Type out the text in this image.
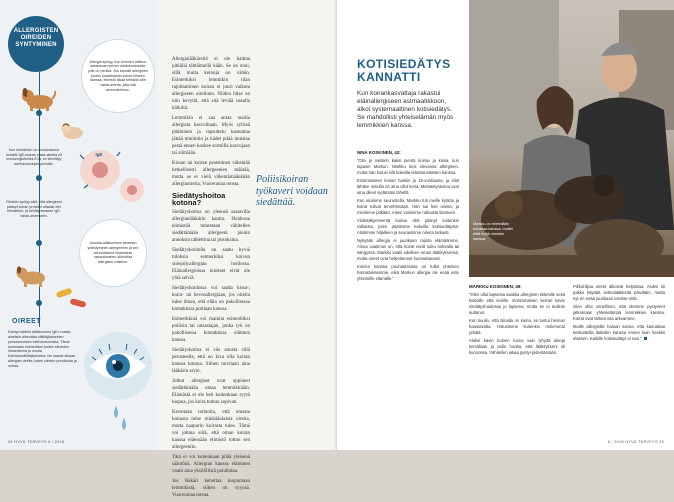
ALLERGISTEN OIREIDEN SYNTYMINEN
Allergia syntyy, kun ihminen altistuu useamman kerran vieläsenoineelle, jolle on herkkä. Jos kanolle allerginen joutuu kosketuksiin koiran hilseen kanssa, elimistö alkaa tehtailla sille vasta-aineita, joita sitä vereenkiertoon.
Kun elimistöön on muodostunut koiralle IgE-luokan vasta-aineita eli immunoglobuliini-E:tä, se kiinnittyy tulehdussolujen pinnalle.
IgE
Reaktio syntyy sillä, että allergeeni pääsyt koiran proteiini altaalle elin elimistöön, ja kehittyneeseen IgE-vasta-aineeseen.
Uusinta-altistumisen aineiden yhdistyminen allergeeniin ja sen seurauksena histamiinin vapautuminen aiheuttaa allergisen reaktion.
OIREET
Koiraproteiinin altistuminen IgE:n vasta-aineisiin aiheuttaa välittäjäaineiden purkautumisen tulehdussoluista. Tämä tunnetaan esimerkiksi tuntee elimistön histamiinina ja muuta tulehdusvälittäjäaineina. Ne saavat aikaan allergian oireita, kuten silmien punoitusta ja nuhaa.
34 HYVÄ TERVEYS 6 / 2018

Allergialääkäreitä ei ole haittaa pitkällä tähtäimellä kään. Se on onni, sillä muita keinoja on vähän. Esimerkiksi lemmikin tilan rajoittaminen koiran ei juuri vaikuta allergiseen oireiluun. Niiden hilse on niin kevyttä, että sitä leviää usealla kätkiltä.

Lemmikin ei saa antaa nuolla allergista kasvoiltaan. Myös sylissä pitäminen ja rapsuttelu kannattaa jättää minimiin ja kädet pitää muistaa pestä ennen koskee sormilla kasvojaan tai silmiään.

Kissan tai koiran peseminen vähentää hetkellisesti allergeenien määrää, mutta se ei vielä vähentämäänkään allergiaoireita, Vuorenmaa toteaa.

Siedätyshoitoa kotona?

Siedätyshoitoa on yleensä saatavilla allergianlääkärin kautta. Hoidossa elimistöä totutetaan vähitellen siedättämään allergeeni pienin annoksin tablettina tai pistoksina.

Siedätyshoidolla on saatu hyviä tuloksia esimerkiksi koivun siitepölyallergian hoidossa. Eläinallergioissa tulokset eivät ole yhtä selviä.

Siedätyshoidossa voi saada kissa-, koira- tai hevosallergiaan, jos oireita tulee ilman, että eläin on pakollisessa kontaktissa potilaan kanssa.

Esimerkkinä voi mainita esimerkiksi poliisin tai ratsastajan, jonka työ on pakollisessa kontaktissa eläimen kanssa.

Siedätyshoitoa ei siis anneta sillä perusteella, että on kiva olla koiran kanssa kotona. Siihen tarvitaan aina lääkärin arvio.

Jotkut allergiset ovat oppineet siedättämään omaa lemmikkiään. Elämästä ei ole heti kuitenkaan syytä luopua, jos koira tuntuu sopivan.

Kerrotaan tarinoita, että omasta koirasta tulee minkäänlaisia oireita, mutta naapurin koirasta tulee. Tämä voi johtua siitä, että oman koiran kanssa eläessään elimistö tottuu sen allergeeniin.

Tätä ei voi kuitenkaan pitää yleisenä sääntönä. Allergian kanssa eläminen vaatii aina yksilöllistä pohdintaa.

Jos lääkäri kehottaa luopumaan lemmikistä, siihen on syynsä. Vuorenmaa toteaa.

Poliisikoiran työkaveri voidaan siedättää.
KOTISIEDÄTYS
KANNATTI
Kun koirankasvattaja rakastui eläinallergiseen astmaatikkoon, alkoi systemaattinen kotisiedätys. Se mahdollisti yhteiselämän myös lemmikkien kanssa.
Markku on mielellään koiransa kanssa, muttei elää enää oireiden kanssa.
NINA KOSKINEN, 42:

"Olin jo vieläkin kaksi pientä koiraa ja kissa, kun tapasin Markun. Markku tiesi olevansa allerginen, mutta hän halusi silti kokeilla elämää eläinten kanssa.

Ensimmäisen koiran hankin jo 15-vuotiaana, ja siitä lähtien minulla on aina ollut koira. Metsästyskoirat ovat aina olleet sydäntäni lähellä.

Kun aloimme seurustella, Markku tuli meille kylään ja koirat tulivat tervehtimään. Hän sai heti oireita, ja mietimme pitkään, miten voisimme ratkaista tilanteen.

Viidettäkymmentä koiraa olisi pitänyt kuitenkin ratkaista, joten päätimme kokeilla kotisiedätystä. Aloitimme hiljalleen ja seurasimme oireita tarkasti.

Nykyään allergia ei juurikaan rajoita elämäämme. Ainoa vaatimus on, että koirat eivät nuku sohvalla tai sängyssä. Markku vaatii edelleen oman lääkityksensä, mutta oireet ovat helpottuneet huomattavasti.

Koirien kanssa puuhastelusta on tullut yhteinen harrastuksemme, eikä Markun allergia ole enää este yhteiselle elämälle."

MARKKU KOSKINEN, 49:

"Olen ollut lapsesta saakka allerginen eläimille sekä kissoille että koirille. Ensimmäisen kerran kävin siedätyshoidossa jo lapsena, mutta se ei tuolloin auttanut.

Kun kuulin, että Ninalla on koiria, se tuntui hieman haastavalta. Halusimme kuitenkin molemmat yrittää.

Aluksi kävin koirien luona vain lyhyitä aikoja kerrallaan ja pidin huolta, että lääkitykseni oli kunnossa. Vähitellen aikaa pystyi pidentämään.

Pikkuhiljaa oireet alkoivat helpottaa. Aluksi oli pakko käyttää astmalääkkeitä päivittäin, mutta nyt en enää juurikaan tarvitse niitä.

Olen ollut onnellinen, että olemme pystyneet jatkamaan yhteiselämää lemmikkien kanssa. Koirat ovat tärkeä osa arkeamme.

Muille allergisille haluan sanoa, että kannattaa keskustella lääkärin kanssa ennen kuin hankkii eläimen. Kaikille kotisiedätys ei sovi."

6 / 2018 HYVÄ TERVEYS 35
